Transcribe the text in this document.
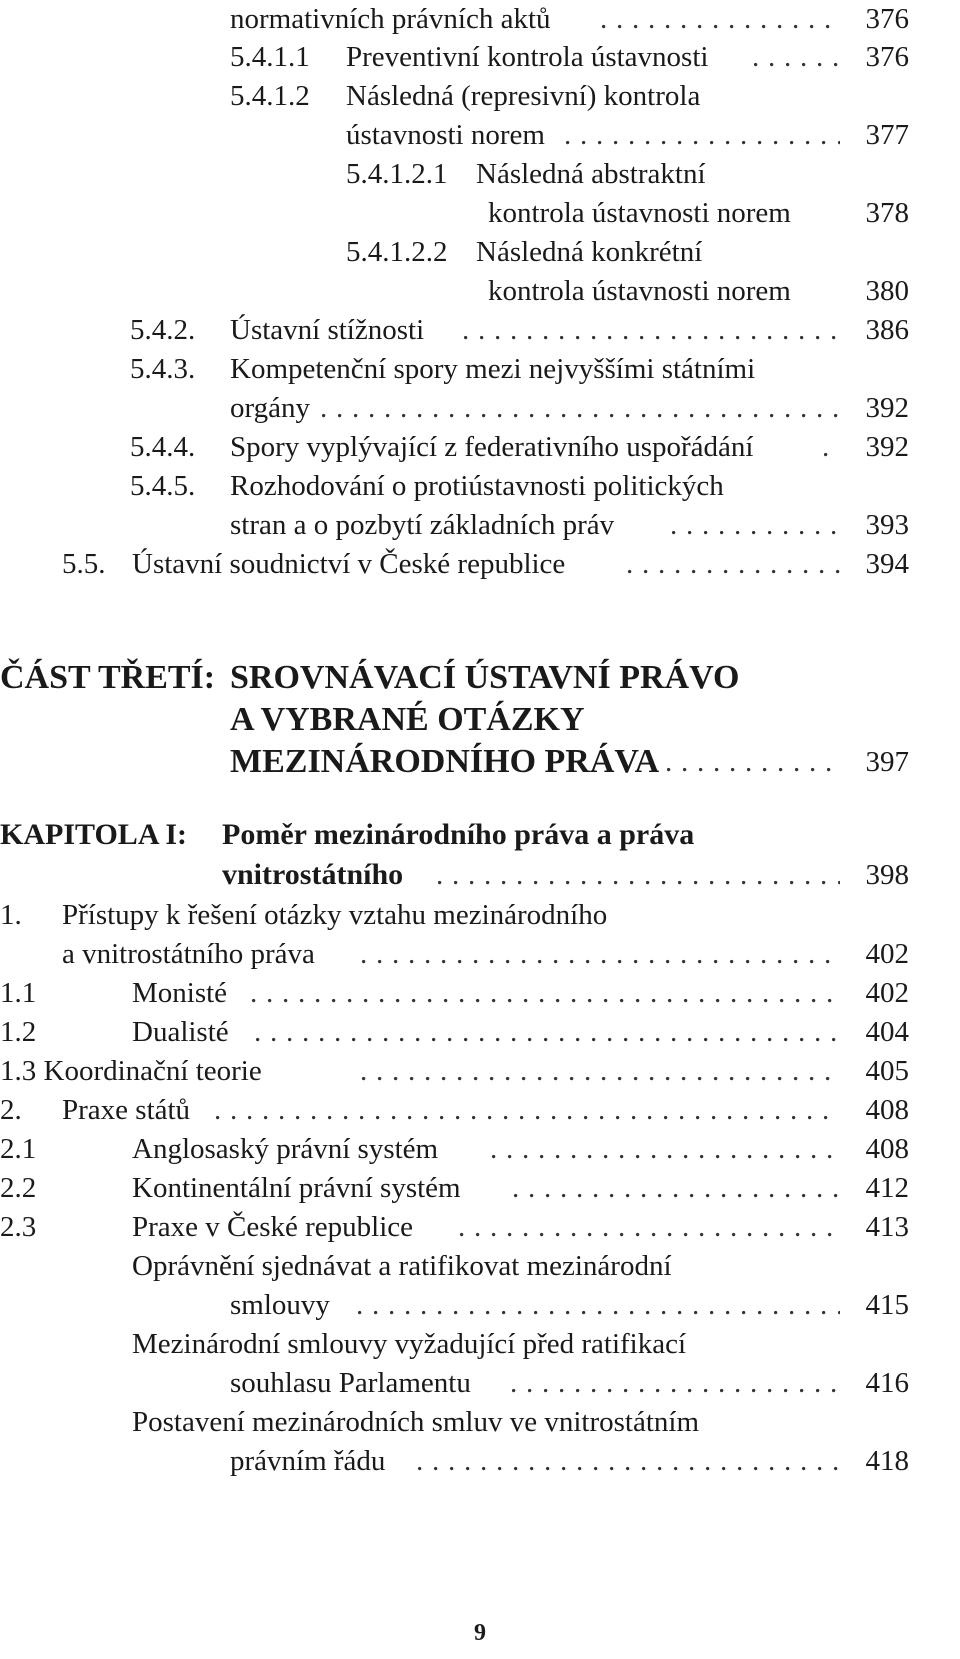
normativních právních aktů . . .	376
5.4.1.1 Preventivní kontrola ústavnosti . . .	376
5.4.1.2 Následná (represivní) kontrola
ústavnosti norem . . .	377
5.4.1.2.1 Následná abstraktní
kontrola ústavnosti norem	378
5.4.1.2.2 Následná konkrétní
kontrola ústavnosti norem	380
5.4.2. Ústavní stížnosti . . .	386
5.4.3. Kompetenční spory mezi nejvyššími státními
orgány . . .	392
5.4.4. Spory vyplývající z federativního uspořádání . . .	392
5.4.5. Rozhodování o protiústavnosti politických
stran a o pozbytí základních práv . . .	393
5.5. Ústavní soudnictví v České republice . . .	394
ČÁST TŘETÍ: SROVNÁVACÍ ÚSTAVNÍ PRÁVO
A VYBRANÉ OTÁZKY
MEZINÁRODNÍHO PRÁVA . . .	397
KAPITOLA I: Poměr mezinárodního práva a práva
vnitrostátního . . .	398
1. Přístupy k řešení otázky vztahu mezinárodního
a vnitrostátního práva . . .	402
1.1	Monisté . . .	402
1.2	Dualisté . . .	404
1.3 Koordinační teorie . . .	405
2. Praxe států . . .	408
2.1	Anglosaský právní systém . . .	408
2.2	Kontinentální právní systém . . .	412
2.3	Praxe v České republice . . .	413
Oprávnění sjednávat a ratifikovat mezinárodní
smlouvy . . .	415
Mezinárodní smlouvy vyžadující před ratifikací
souhlasu Parlamentu . . .	416
Postavení mezinárodních smluv ve vnitrostátním
právním řádu . . .	418
9
